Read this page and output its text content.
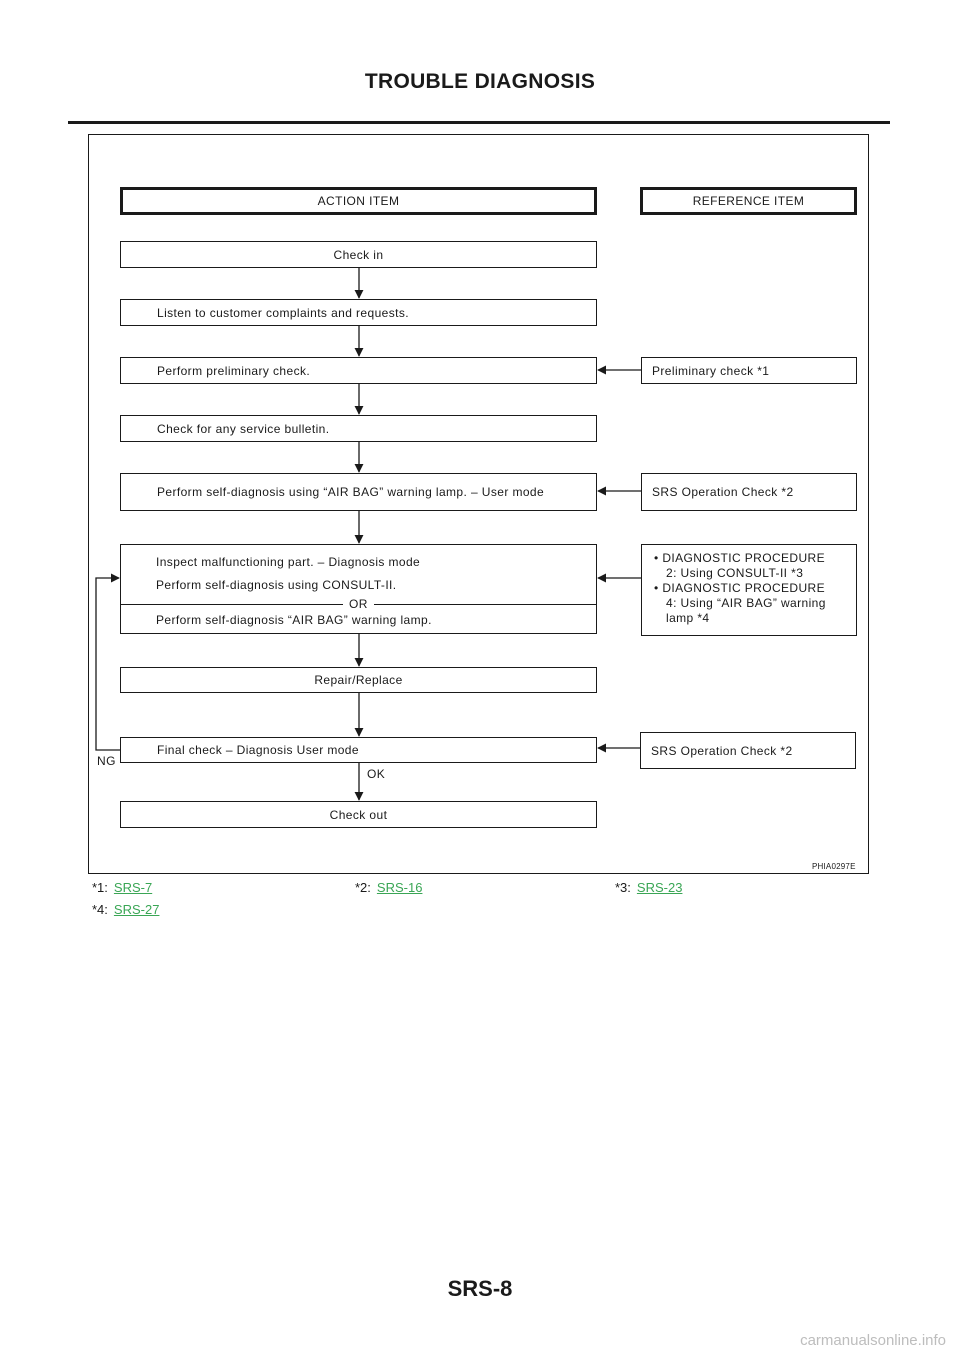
TROUBLE DIAGNOSIS
ACTION ITEM	REFERENCE ITEM
Check in
Listen to customer complaints and requests.
Perform preliminary check.
Check for any service bulletin.
Perform self-diagnosis using “AIR BAG” warning lamp. – User mode
Inspect malfunctioning part. – Diagnosis mode
Perform self-diagnosis using CONSULT-II.
OR
Perform self-diagnosis “AIR BAG” warning lamp.
Repair/Replace
Final check – Diagnosis User mode
Check out
Preliminary check *1
SRS Operation Check *2
• DIAGNOSTIC PROCEDURE
2: Using CONSULT-II *3
• DIAGNOSTIC PROCEDURE
4: Using “AIR BAG” warning
lamp *4
SRS Operation Check *2
NG
OK
PHIA0297E
*1: SRS-7	*2: SRS-16	*3: SRS-23
*4: SRS-27
SRS-8
carmanualsonline.info
